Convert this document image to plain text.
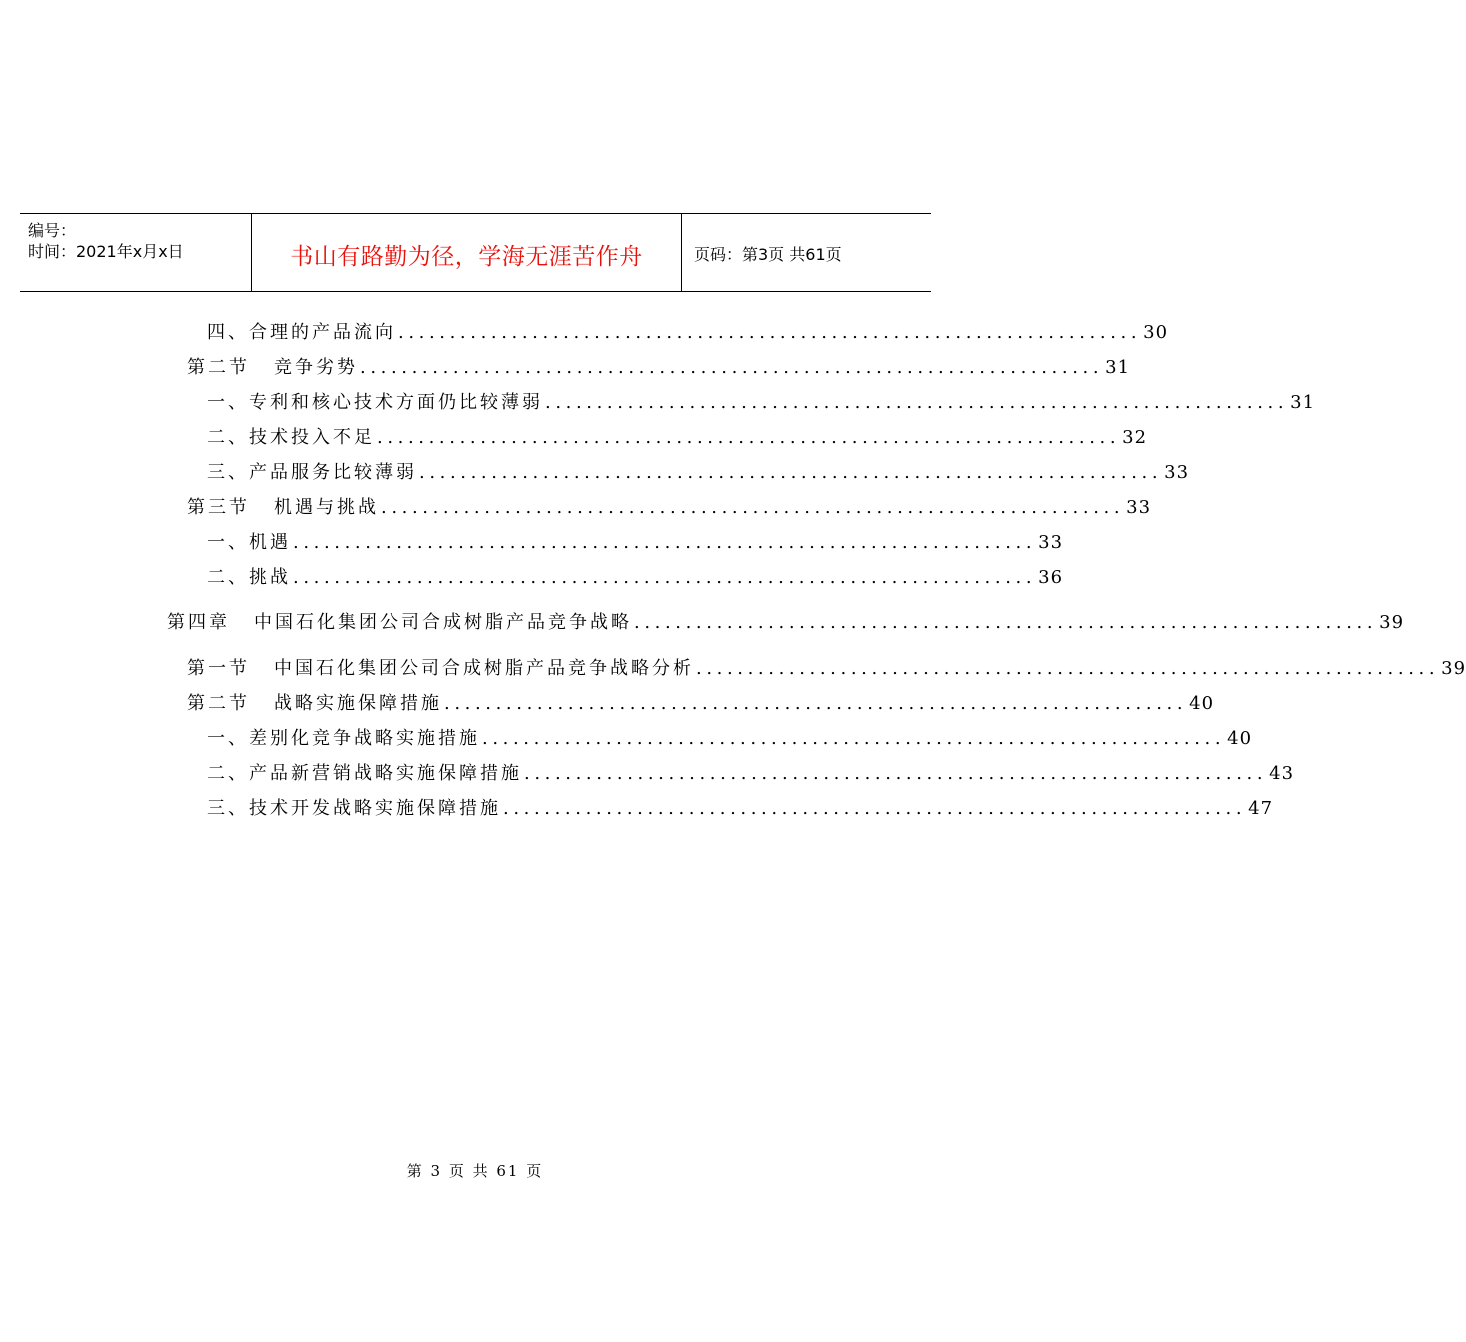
编号：
时间：2021年x月x日	书山有路勤为径，学海无涯苦作舟	页码：第3页 共61页
四、合理的产品流向 ........................................................................ 30
第二节 竞争劣势 ........................................................................ 31
一、专利和核心技术方面仍比较薄弱 ........................................................................ 31
二、技术投入不足 ........................................................................ 32
三、产品服务比较薄弱 ........................................................................ 33
第三节 机遇与挑战 ........................................................................ 33
一、机遇 ........................................................................ 33
二、挑战 ........................................................................ 36
第四章 中国石化集团公司合成树脂产品竞争战略 ........................................................................ 39
第一节 中国石化集团公司合成树脂产品竞争战略分析 ........................................................................ 39
第二节 战略实施保障措施 ........................................................................ 40
一、差别化竞争战略实施措施 ........................................................................ 40
二、产品新营销战略实施保障措施 ........................................................................ 43
三、技术开发战略实施保障措施 ........................................................................ 47
第 3 页 共 61 页
